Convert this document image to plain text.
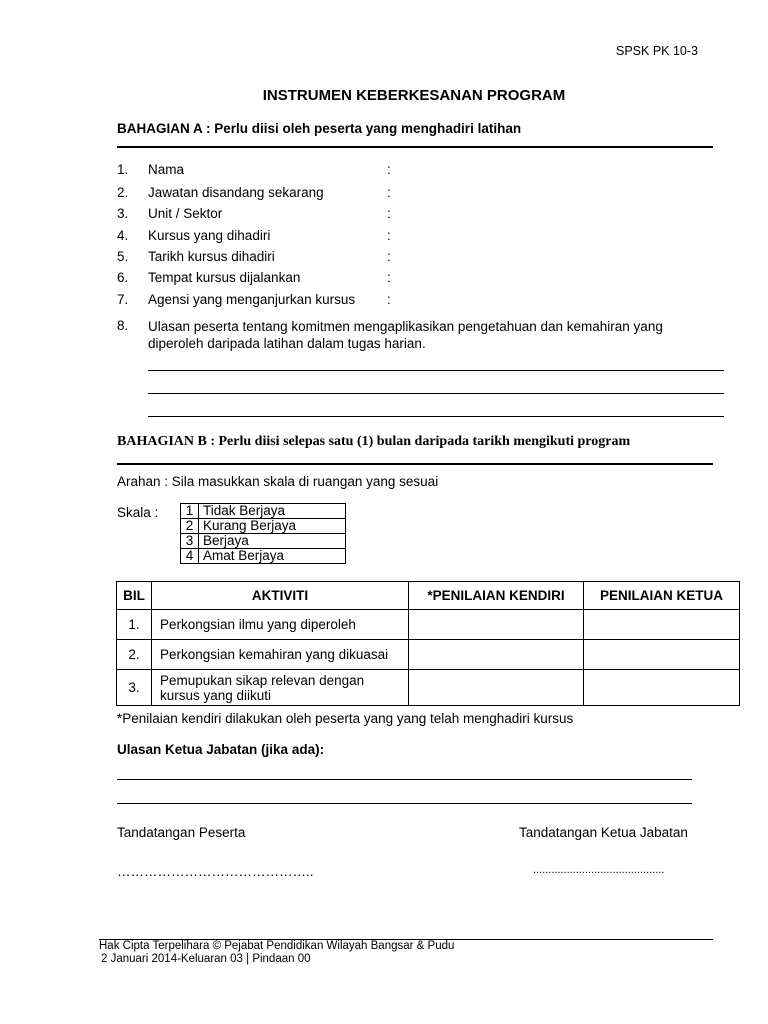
SPSK PK 10-3
INSTRUMEN KEBERKESANAN PROGRAM
BAHAGIAN A : Perlu diisi oleh peserta yang menghadiri latihan
1. Nama	:
2. Jawatan disandang sekarang	:
3. Unit / Sektor	:
4. Kursus yang dihadiri	:
5. Tarikh kursus dihadiri	:
6. Tempat kursus dijalankan	:
7. Agensi yang menganjurkan kursus :
8. Ulasan peserta tentang komitmen mengaplikasikan pengetahuan dan kemahiran yang diperoleh daripada latihan dalam tugas harian.
BAHAGIAN B : Perlu diisi selepas satu (1) bulan daripada tarikh mengikuti program
Arahan : Sila masukkan skala di ruangan yang sesuai
Skala : 1	Tidak Berjaya
2	Kurang Berjaya
3	Berjaya
4	Amat Berjaya
BIL	AKTIVITI	*PENILAIAN KENDIRI	PENILAIAN KETUA
1.	Perkongsian ilmu yang diperoleh		
2.	Perkongsian kemahiran yang dikuasai		
3.	Pemupukan sikap relevan dengan kursus yang diikuti		
*Penilaian kendiri dilakukan oleh peserta yang yang telah menghadiri kursus
Ulasan Ketua Jabatan (jika ada):
Tandatangan Peserta	Tandatangan Ketua Jabatan
……………………………………..	...........................................
Hak Cipta Terpelihara © Pejabat Pendidikan Wilayah Bangsar & Pudu
2 Januari 2014-Keluaran 03 | Pindaan 00
